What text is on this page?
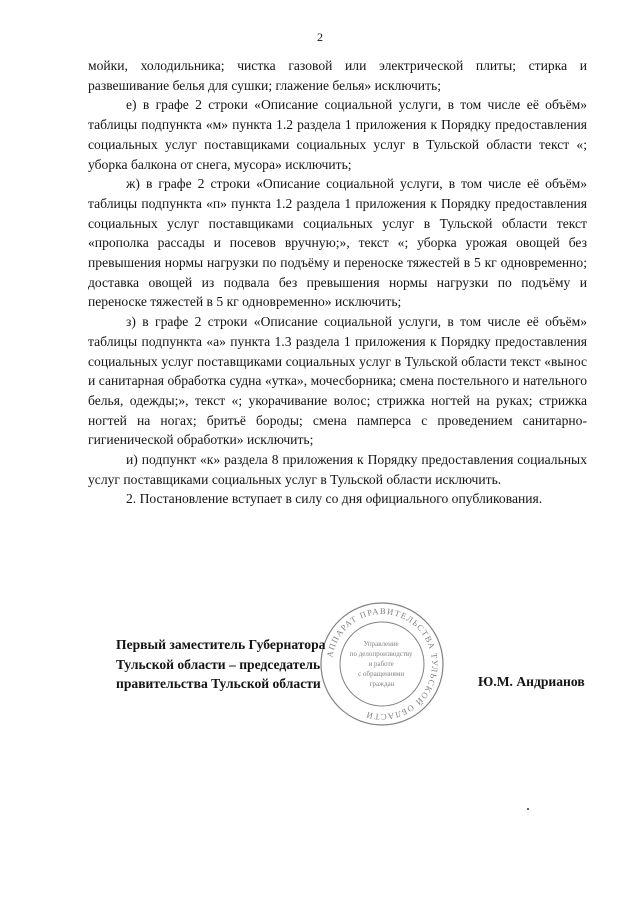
2

мойки, холодильника; чистка газовой или электрической плиты; стирка и развешивание белья для сушки; глажение белья» исключить;

е) в графе 2 строки «Описание социальной услуги, в том числе её объём» таблицы подпункта «м» пункта 1.2 раздела 1 приложения к Порядку предоставления социальных услуг поставщиками социальных услуг в Тульской области текст «; уборка балкона от снега, мусора» исключить;

ж) в графе 2 строки «Описание социальной услуги, в том числе её объём» таблицы подпункта «п» пункта 1.2 раздела 1 приложения к Порядку предоставления социальных услуг поставщиками социальных услуг в Тульской области текст «прополка рассады и посевов вручную;», текст «; уборка урожая овощей без превышения нормы нагрузки по подъёму и переноске тяжестей в 5 кг одновременно; доставка овощей из подвала без превышения нормы нагрузки по подъёму и переноске тяжестей в 5 кг одновременно» исключить;

з) в графе 2 строки «Описание социальной услуги, в том числе её объём» таблицы подпункта «а» пункта 1.3 раздела 1 приложения к Порядку предоставления социальных услуг поставщиками социальных услуг в Тульской области текст «вынос и санитарная обработка судна «утка», мочесборника; смена постельного и нательного белья, одежды;», текст «; укорачивание волос; стрижка ногтей на руках; стрижка ногтей на ногах; бритьё бороды; смена памперса с проведением санитарно-гигиенической обработки» исключить;

и) подпункт «к» раздела 8 приложения к Порядку предоставления социальных услуг поставщиками социальных услуг в Тульской области исключить.

2. Постановление вступает в силу со дня официального опубликования.

АППАРАТ ПРАВИТЕЛЬСТВА ТУЛЬСКОЙ ОБЛАСТИ
Управление по делопроизводству и работе с обращениями граждан
Первый заместитель Губернатора
Тульской области – председатель
правительства Тульской области	Ю.М. Андрианов
